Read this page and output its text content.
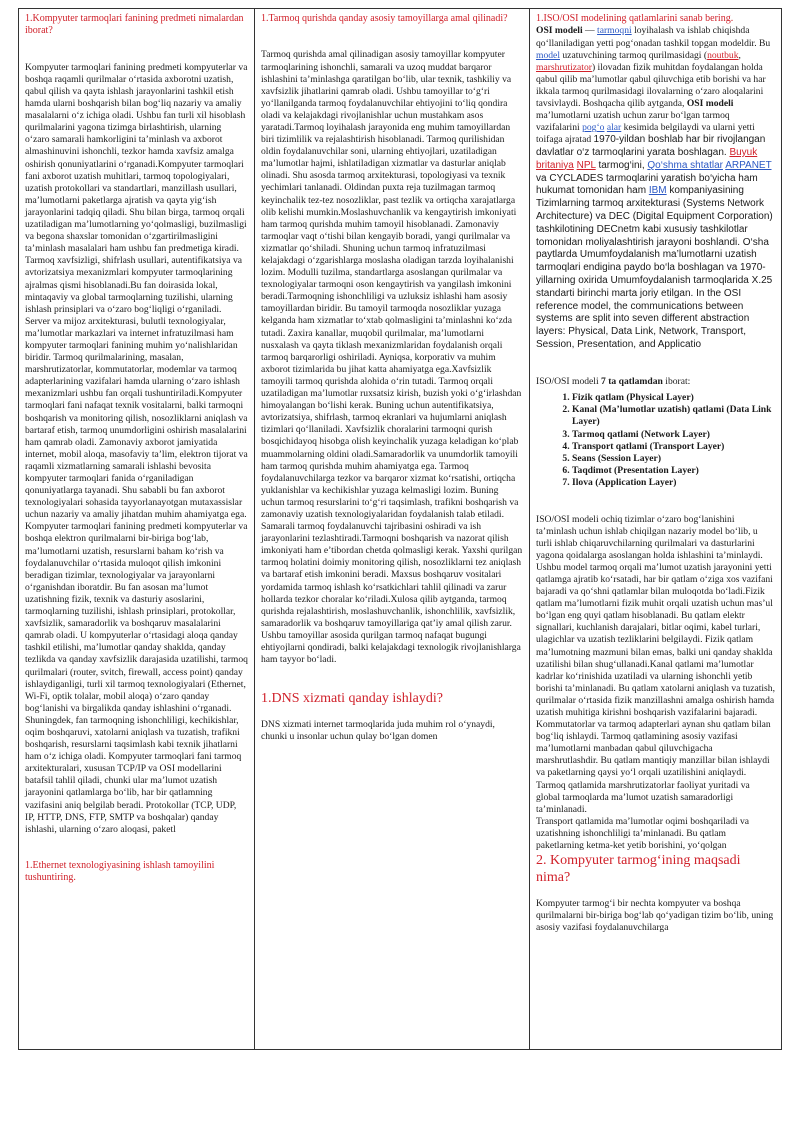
1.Kompyuter tarmoqlari fanining predmeti nimalardan iborat?

Kompyuter tarmoqlari fanining predmeti kompyuterlar va boshqa raqamli qurilmalar o‘rtasida axborotni uzatish, qabul qilish va qayta ishlash jarayonlarini tashkil etish hamda ularni boshqarish bilan bog‘liq nazariy va amaliy masalalarni o‘z ichiga oladi. Ushbu fan turli xil hisoblash qurilmalarini yagona tizimga birlashtirish, ularning o‘zaro samarali hamkorligini ta’minlash va axborot almashinuvini ishonchli, tezkor hamda xavfsiz amalga oshirish qonuniyatlarini o‘rganadi.Kompyuter tarmoqlari fani axborot uzatish muhitlari, tarmoq topologiyalari, uzatish protokollari va standartlari, manzillash usullari, ma’lumotlarni paketlarga ajratish va qayta yig‘ish jarayonlarini tadqiq qiladi. Shu bilan birga, tarmoq orqali uzatiladigan ma’lumotlarning yo‘qolmasligi, buzilmasligi va begona shaxslar tomonidan o‘zgartirilmasligini ta’minlash masalalari ham ushbu fan predmetiga kiradi. Tarmoq xavfsizligi, shifrlash usullari, autentifikatsiya va avtorizatsiya mexanizmlari kompyuter tarmoqlarining ajralmas qismi hisoblanadi.Bu fan doirasida lokal, mintaqaviy va global tarmoqlarning tuzilishi, ularning ishlash prinsiplari va o‘zaro bog‘liqligi o‘rganiladi. Server va mijoz arxitekturasi, bulutli texnologiyalar, ma’lumotlar markazlari va internet infratuzilmasi ham kompyuter tarmoqlari fanining muhim yo‘nalishlaridan biridir. Tarmoq qurilmalarining, masalan, marshrutizatorlar, kommutatorlar, modemlar va tarmoq adapterlarining vazifalari hamda ularning o‘zaro ishlash mexanizmlari ushbu fan orqali tushuntiriladi.Kompyuter tarmoqlari fani nafaqat texnik vositalarni, balki tarmoqni boshqarish va monitoring qilish, nosozliklarni aniqlash va bartaraf etish, tarmoq unumdorligini oshirish masalalarini ham qamrab oladi. Zamonaviy axborot jamiyatida internet, mobil aloqa, masofaviy ta’lim, elektron tijorat va raqamli xizmatlarning samarali ishlashi bevosita kompyuter tarmoqlari fanida o‘rganiladigan qonuniyatlarga tayanadi. Shu sababli bu fan axborot texnologiyalari sohasida tayyorlanayotgan mutaxassislar uchun nazariy va amaliy jihatdan muhim ahamiyatga ega. Kompyuter tarmoqlari fanining predmeti kompyuterlar va boshqa elektron qurilmalarni bir-biriga bog‘lab, ma’lumotlarni uzatish, resurslarni baham ko‘rish va foydalanuvchilar o‘rtasida muloqot qilish imkonini beradigan tizimlar, texnologiyalar va jarayonlarni o‘rganishdan iboratdir. Bu fan asosan ma’lumot uzatishning fizik, texnik va dasturiy asoslarini, tarmoqlarning tuzilishi, ishlash prinsiplari, protokollar, xavfsizlik, samaradorlik va boshqaruv masalalarini qamrab oladi. U kompyuterlar o‘rtasidagi aloqa qanday tashkil etilishi, ma’lumotlar qanday shaklda, qanday tezlikda va qanday xavfsizlik darajasida uzatilishi, tarmoq qurilmalari (router, svitch, firewall, access point) qanday ishlaydiganligi, turli xil tarmoq texnologiyalari (Ethernet, Wi-Fi, optik tolalar, mobil aloqa) o‘zaro qanday bog‘lanishi va birgalikda qanday ishlashini o‘rganadi. Shuningdek, fan tarmoqning ishonchliligi, kechikishlar, oqim boshqaruvi, xatolarni aniqlash va tuzatish, trafikni boshqarish, resurslarni taqsimlash kabi texnik jihatlarni ham o‘z ichiga oladi. Kompyuter tarmoqlari fani tarmoq arxitekturalari, xususan TCP/IP va OSI modellarini batafsil tahlil qiladi, chunki ular ma’lumot uzatish jarayonini qatlamlarga bo‘lib, har bir qatlamning vazifasini aniq belgilab beradi. Protokollar (TCP, UDP, IP, HTTP, DNS, FTP, SMTP va boshqalar) qanday ishlashi, ularning o‘zaro aloqasi, paketl

1.Ethernet texnologiyasining ishlash tamoyilini tushuntiring.
1.Tarmoq qurishda qanday asosiy tamoyillarga amal qilinadi?

Tarmoq qurishda amal qilinadigan asosiy tamoyillar kompyuter tarmoqlarining ishonchli, samarali va uzoq muddat barqaror ishlashini ta’minlashga qaratilgan bo‘lib, ular texnik, tashkiliy va xavfsizlik jihatlarini qamrab oladi. Ushbu tamoyillar to‘g‘ri yo‘llanilganda tarmoq foydalanuvchilar ehtiyojini to‘liq qondira oladi va kelajakdagi rivojlanishlar uchun mustahkam asos yaratadi.Tarmoq loyihalash jarayonida eng muhim tamoyillardan biri tizimlilik va rejalashtirish hisoblanadi. Tarmoq qurilishidan oldin foydalanuvchilar soni, ularning ehtiyojlari, uzatiladigan ma’lumotlar hajmi, ishlatiladigan xizmatlar va dasturlar aniqlab olinadi. Shu asosda tarmoq arxitekturasi, topologiyasi va texnik yechimlari tanlanadi. Oldindan puxta reja tuzilmagan tarmoq keyinchalik tez-tez nosozliklar, past tezlik va ortiqcha xarajatlarga olib kelishi mumkin.Moslashuvchanlik va kengaytirish imkoniyati ham tarmoq qurishda muhim tamoyil hisoblanadi. Zamonaviy tarmoqlar vaqt o‘tishi bilan kengayib boradi, yangi qurilmalar va xizmatlar qo‘shiladi. Shuning uchun tarmoq infratuzilmasi kelajakdagi o‘zgarishlarga moslasha oladigan tarzda loyihalanishi lozim. Modulli tuzilma, standartlarga asoslangan qurilmalar va texnologiyalar tarmoqni oson kengaytirish va yangilash imkonini beradi.Tarmoqning ishonchliligi va uzluksiz ishlashi ham asosiy tamoyillardan biridir. Bu tamoyil tarmoqda nosozliklar yuzaga kelganda ham xizmatlar to‘xtab qolmasligini ta’minlashni ko‘zda tutadi. Zaxira kanallar, muqobil qurilmalar, ma’lumotlarni nusxalash va qayta tiklash mexanizmlaridan foydalanish orqali tarmoq barqarorligi oshiriladi. Ayniqsa, korporativ va muhim axborot tizimlarida bu jihat katta ahamiyatga ega.Xavfsizlik tamoyili tarmoq qurishda alohida o‘rin tutadi. Tarmoq orqali uzatiladigan ma’lumotlar ruxsatsiz kirish, buzish yoki o‘g‘irlashdan himoyalangan bo‘lishi kerak. Buning uchun autentifikatsiya, avtorizatsiya, shifrlash, tarmoq ekranlari va hujumlarni aniqlash tizimlari qo‘llaniladi. Xavfsizlik choralarini tarmoqni qurish bosqichidayoq hisobga olish keyinchalik yuzaga keladigan ko‘plab muammolarning oldini oladi.Samaradorlik va unumdorlik tamoyili ham tarmoq qurishda muhim ahamiyatga ega. Tarmoq foydalanuvchilarga tezkor va barqaror xizmat ko‘rsatishi, ortiqcha yuklanishlar va kechikishlar yuzaga kelmasligi lozim. Buning uchun tarmoq resurslarini to‘g‘ri taqsimlash, trafikni boshqarish va zamonaviy uzatish texnologiyalaridan foydalanish talab etiladi. Samarali tarmoq foydalanuvchi tajribasini oshiradi va ish jarayonlarini tezlashtiradi.Tarmoqni boshqarish va nazorat qilish imkoniyati ham e’tibordan chetda qolmasligi kerak. Yaxshi qurilgan tarmoq holatini doimiy monitoring qilish, nosozliklarni tez aniqlash va bartaraf etish imkonini beradi. Maxsus boshqaruv vositalari yordamida tarmoq ishlash ko‘rsatkichlari tahlil qilinadi va zarur hollarda tezkor choralar ko‘riladi.Xulosa qilib aytganda, tarmoq qurishda rejalashtirish, moslashuvchanlik, ishonchlilik, xavfsizlik, samaradorlik va boshqaruv tamoyillariga qat’iy amal qilish zarur. Ushbu tamoyillar asosida qurilgan tarmoq nafaqat bugungi ehtiyojlarni qondiradi, balki kelajakdagi texnologik rivojlanishlarga ham tayyor bo‘ladi.

1.DNS xizmati qanday ishlaydi?

DNS xizmati internet tarmoqlarida juda muhim rol o‘ynaydi, chunki u insonlar uchun qulay bo‘lgan domen

1.ISO/OSI modelining qatlamlarini sanab bering.

OSI modeli — tarmoqni loyihalash va ishlab chiqishda qo‘llaniladigan yetti pog‘onadan tashkil topgan modeldir. Bu model uzatuvchining tarmoq qurilmasidagi (noutbuk, marshrutizator) ilovadan fizik muhitdan foydalangan holda qabul qilib ma’lumotlar qabul qiluvchiga etib borishi va har ikkala tarmoq qurilmasidagi ilovalarning o‘zaro aloqalarini tavsivlaydi. Boshqacha qilib aytganda, OSI modeli ma’lumotlarni uzatish uchun zarur bo‘lgan tarmoq vazifalarini pog‘o alar kesimida belgilaydi va ularni yetti toifaga ajratad 1970-yildan boshlab har bir rivojlangan davlatlar o‘z tarmoqlarini yarata boshlagan. Buyuk britaniya NPL tarmog‘ini, Qo‘shma shtatlar ARPANET va CYCLADES tarmoqlarini yaratish bo‘yicha ham hukumat tomonidan ham IBM kompaniyasining Tizimlarning tarmoq arxitekturasi (Systems Network Architecture) va DEC (Digital Equipment Corporation) tashkilotining DECnetm kabi xususiy tashkilotlar tomonidan moliyalashtirish jarayoni boshlandi. O‘sha paytlarda Umumfoydalanish ma’lumotlarni uzatish tarmoqlari endigina paydo bo‘la boshlagan va 1970-yillarning oxirida Umumfoydalanish tarmoqlarida X.25 standarti birinchi marta joriy etilgan. In the OSI reference model, the communications between systems are split into seven different abstraction layers: Physical, Data Link, Network, Transport, Session, Presentation, and Applicatio

ISO/OSI modeli 7 ta qatlamdan iborat:

1. Fizik qatlam (Physical Layer)
2. Kanal (Ma’lumotlar uzatish) qatlami (Data Link Layer)
3. Tarmoq qatlami (Network Layer)
4. Transport qatlami (Transport Layer)
5. Seans (Session Layer)
6. Taqdimot (Presentation Layer)
7. Ilova (Application Layer)

ISO/OSI modeli ochiq tizimlar o‘zaro bog‘lanishini ta’minlash uchun ishlab chiqilgan nazariy model bo‘lib, u turli ishlab chiqaruvchilarning qurilmalari va dasturlarini yagona qoidalarga asoslangan holda ishlashini ta’minlaydi. Ushbu model tarmoq orqali ma’lumot uzatish jarayonini yetti qatlamga ajratib ko‘rsatadi, har bir qatlam o‘ziga xos vazifani bajaradi va qo‘shni qatlamlar bilan muloqotda bo‘ladi.Fizik qatlam ma’lumotlarni fizik muhit orqali uzatish uchun mas’ul bo‘lgan eng quyi qatlam hisoblanadi. Bu qatlam elektr signallari, kuchlanish darajalari, bitlar oqimi, kabel turlari, ulagichlar va uzatish tezliklarini belgilaydi. Fizik qatlam ma’lumotning mazmuni bilan emas, balki uni qanday shaklda uzatilishi bilan shug‘ullanadi.Kanal qatlami ma’lumotlar kadrlar ko‘rinishida uzatiladi va ularning ishonchli yetib borishi ta’minlanadi. Bu qatlam xatolarni aniqlash va tuzatish, qurilmalar o‘rtasida fizik manzillashni amalga oshirish hamda uzatish muhitiga kirishni boshqarish vazifalarini bajaradi. Kommutatorlar va tarmoq adapterlari aynan shu qatlam bilan bog‘liq ishlaydi. Tarmoq qatlamining asosiy vazifasi ma’lumotlarni manbadan qabul qiluvchigacha marshrutlashdir. Bu qatlam mantiqiy manzillar bilan ishlaydi va paketlarning qaysi yo‘l orqali uzatilishini aniqlaydi. Tarmoq qatlamida marshrutizatorlar faoliyat yuritadi va global tarmoqlarda ma’lumot uzatish samaradorligi ta’minlanadi.

Transport qatlamida ma’lumotlar oqimi boshqariladi va uzatishning ishonchliligi ta’minlanadi. Bu qatlam paketlarning ketma-ket yetib borishini, yo‘qolgan

2. Kompyuter tarmog‘ining maqsadi nima?

Kompyuter tarmog‘i bir nechta kompyuter va boshqa qurilmalarni bir-biriga bog‘lab qo‘yadigan tizim bo‘lib, uning asosiy vazifasi foydalanuvchilarga
